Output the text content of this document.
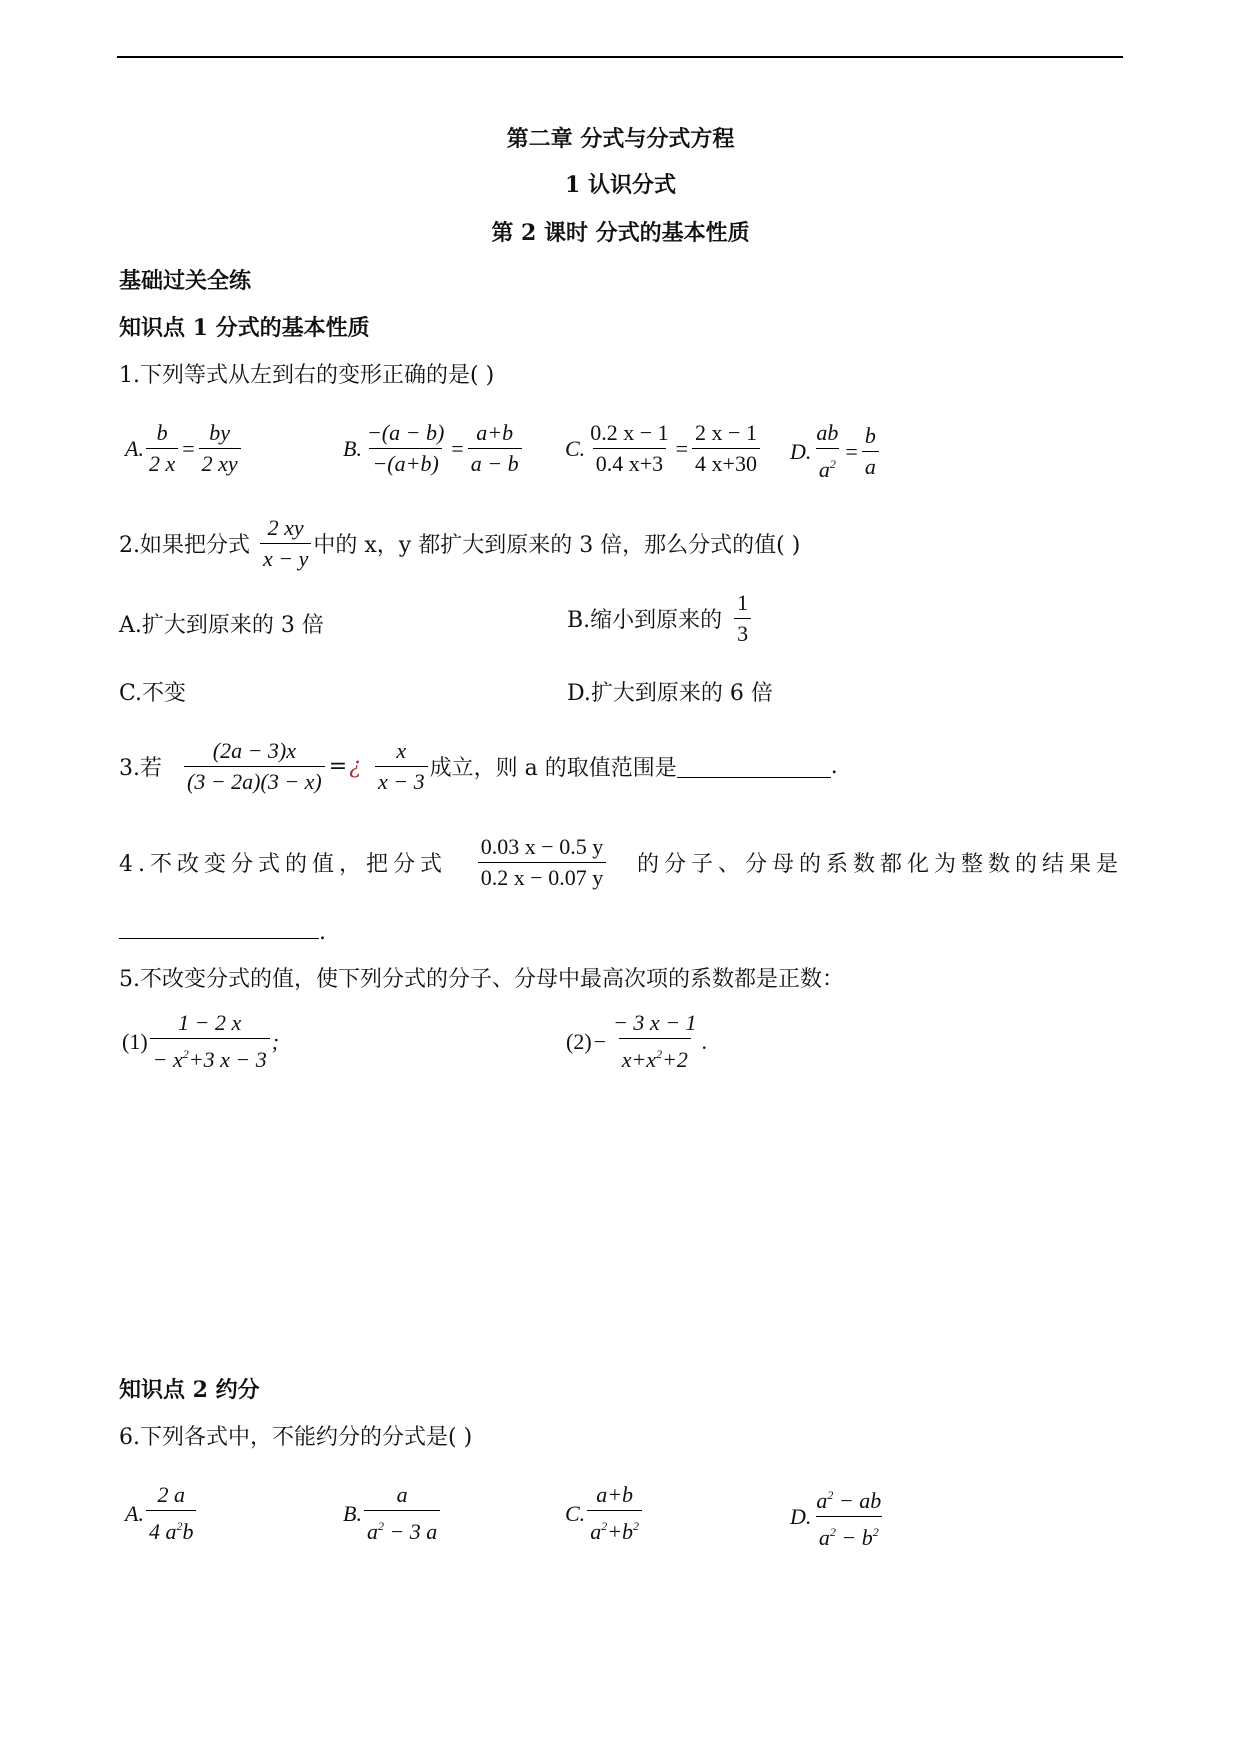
第二章 分式与分式方程
1 认识分式
第 2 课时 分式的基本性质
基础过关全练
知识点 1 分式的基本性质
1.下列等式从左到右的变形正确的是( )
A. $\frac{b}{2 x} = \frac{by}{2 xy}$	B. $\frac{-(a - b)}{-(a+b)} = \frac{a+b}{a - b} C$. $\frac{0.2 x - 1}{0.4 x+3} = \frac{2 x - 1}{4 x+30} D$. $\frac{ab}{a^2} = \frac{b}{a}$
2.如果把分式 $\frac{2 xy}{x - y}$ 中的 x，y 都扩大到原来的 3 倍，那么分式的值( )
A.扩大到原来的 3 倍	B.缩小到原来的 $\frac{1}{3}$
C.不变	D.扩大到原来的 6 倍
3.若 $\frac{(2a - 3)x}{(3 - 2a)(3 - x)}$ = ¿ $\frac{x}{x - 3}$ 成立，则 a 的取值范围是	.
4.不改变分式的值，把分式 $\frac{0.03 x - 0.5 y}{0.2 x - 0.07 y}$ 的分子、分母的系数都化为整数的结果是
.
5.不改变分式的值，使下列分式的分子、分母中最高次项的系数都是正数：
$(1) \frac{1 - 2 x}{- x^2+3 x - 3}$ ;	$(2) - \frac{- 3 x - 1}{x+x^2+2}$ .
知识点 2 约分
6.下列各式中，不能约分的分式是( )
A. $\frac{2 a}{4 a^2b}$	B. $\frac{a}{a^2 - 3 a}$	C. $\frac{a+b}{a^2+b^2}$	D. $\frac{a^2 - ab}{a^2 - b^2}$
